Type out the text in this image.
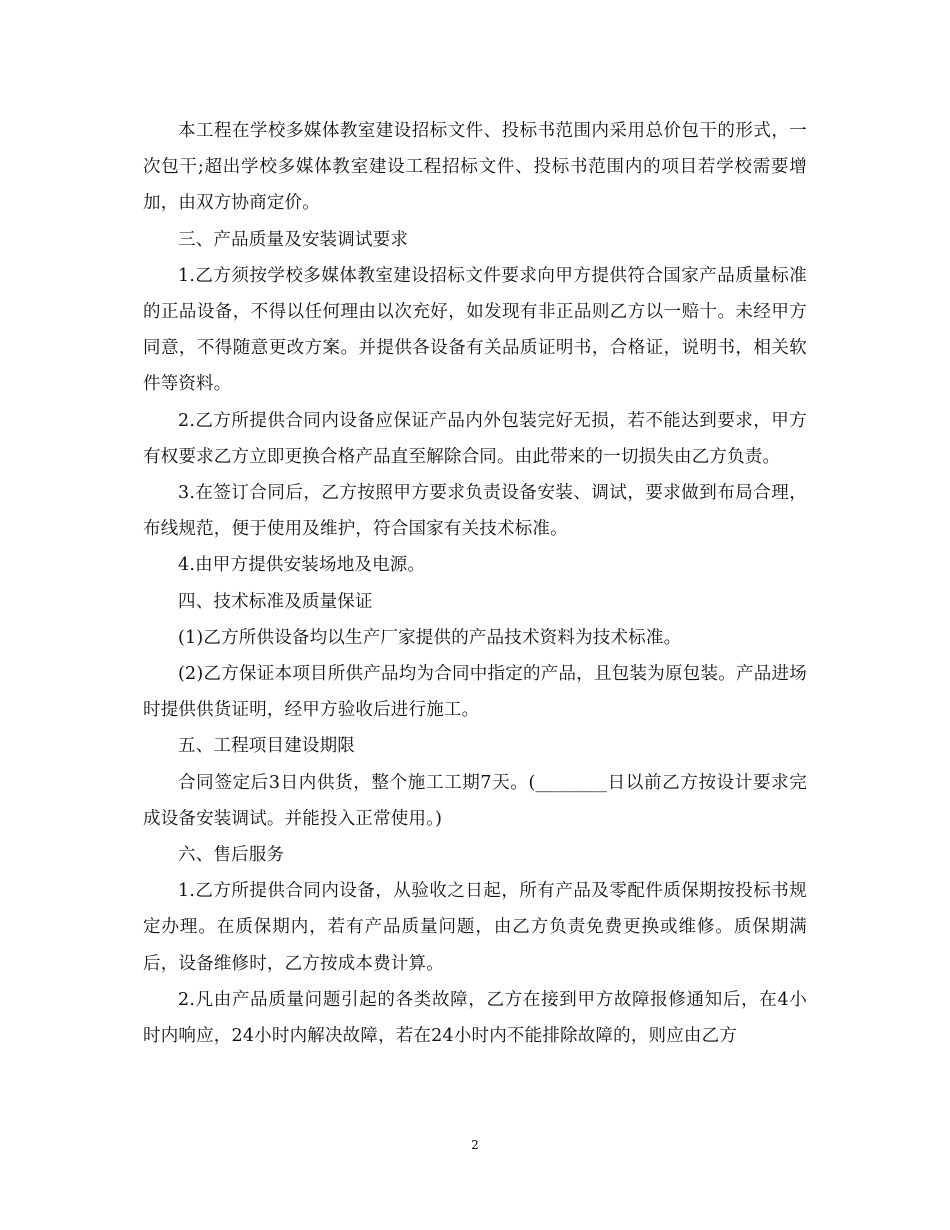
本工程在学校多媒体教室建设招标文件、投标书范围内采用总价包干的形式，一次包干;超出学校多媒体教室建设工程招标文件、投标书范围内的项目若学校需要增加，由双方协商定价。

三、产品质量及安装调试要求

1.乙方须按学校多媒体教室建设招标文件要求向甲方提供符合国家产品质量标准的正品设备，不得以任何理由以次充好，如发现有非正品则乙方以一赔十。未经甲方同意，不得随意更改方案。并提供各设备有关品质证明书，合格证，说明书，相关软件等资料。

2.乙方所提供合同内设备应保证产品内外包装完好无损，若不能达到要求，甲方有权要求乙方立即更换合格产品直至解除合同。由此带来的一切损失由乙方负责。

3.在签订合同后，乙方按照甲方要求负责设备安装、调试，要求做到布局合理，布线规范，便于使用及维护，符合国家有关技术标准。

4.由甲方提供安装场地及电源。

四、技术标准及质量保证

(1)乙方所供设备均以生产厂家提供的产品技术资料为技术标准。

(2)乙方保证本项目所供产品均为合同中指定的产品，且包装为原包装。产品进场时提供供货证明，经甲方验收后进行施工。

五、工程项目建设期限

合同签定后3日内供货，整个施工工期7天。(________日以前乙方按设计要求完成设备安装调试。并能投入正常使用。)

六、售后服务

1.乙方所提供合同内设备，从验收之日起，所有产品及零配件质保期按投标书规定办理。在质保期内，若有产品质量问题，由乙方负责免费更换或维修。质保期满后，设备维修时，乙方按成本费计算。

2.凡由产品质量问题引起的各类故障，乙方在接到甲方故障报修通知后，在4小时内响应，24小时内解决故障，若在24小时内不能排除故障的，则应由乙方

2
